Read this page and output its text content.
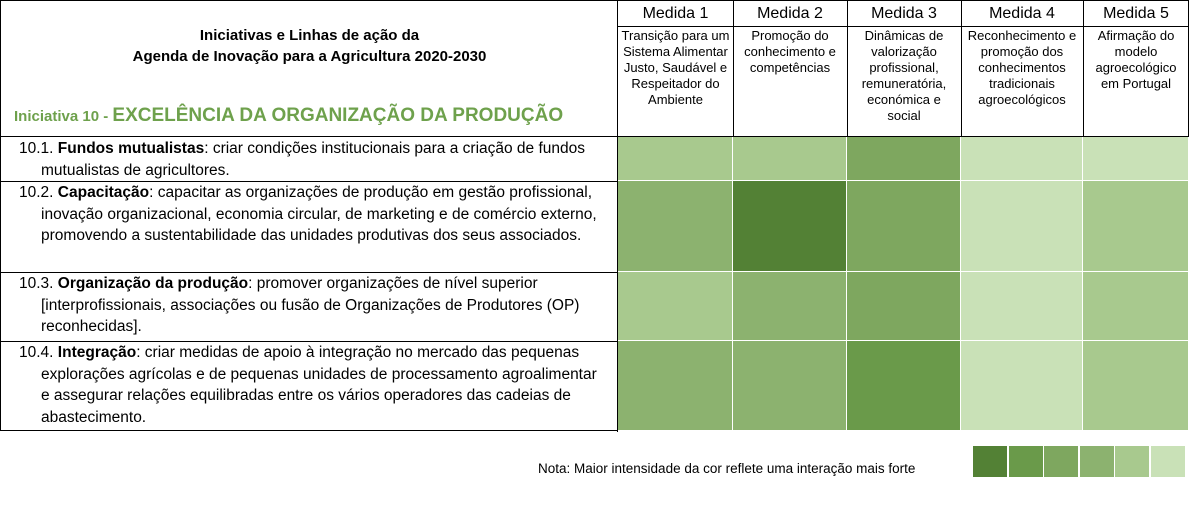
Iniciativas e Linhas de ação da
Agenda de Inovação para a Agricultura 2020-2030
Iniciativa 10 - EXCELÊNCIA DA ORGANIZAÇÃO DA PRODUÇÃO
Medida 1
Transição para um Sistema Alimentar Justo, Saudável e Respeitador do Ambiente
Medida 2
Promoção do conhecimento e competências
Medida 3
Dinâmicas de valorização profissional, remuneratória, económica e social
Medida 4
Reconhecimento e promoção dos conhecimentos tradicionais agroecológicos
Medida 5
Afirmação do modelo agroecológico em Portugal
10.1. Fundos mutualistas: criar condições institucionais para a criação de fundos mutualistas de agricultores.
10.2. Capacitação: capacitar as organizações de produção em gestão profissional, inovação organizacional, economia circular, de marketing e de comércio externo, promovendo a sustentabilidade das unidades produtivas dos seus associados.
10.3. Organização da produção: promover organizações de nível superior [interprofissionais, associações ou fusão de Organizações de Produtores (OP) reconhecidas].
10.4. Integração: criar medidas de apoio à integração no mercado das pequenas explorações agrícolas e de pequenas unidades de processamento agroalimentar e assegurar relações equilibradas entre os vários operadores das cadeias de abastecimento.
Nota: Maior intensidade da cor reflete uma interação mais forte
